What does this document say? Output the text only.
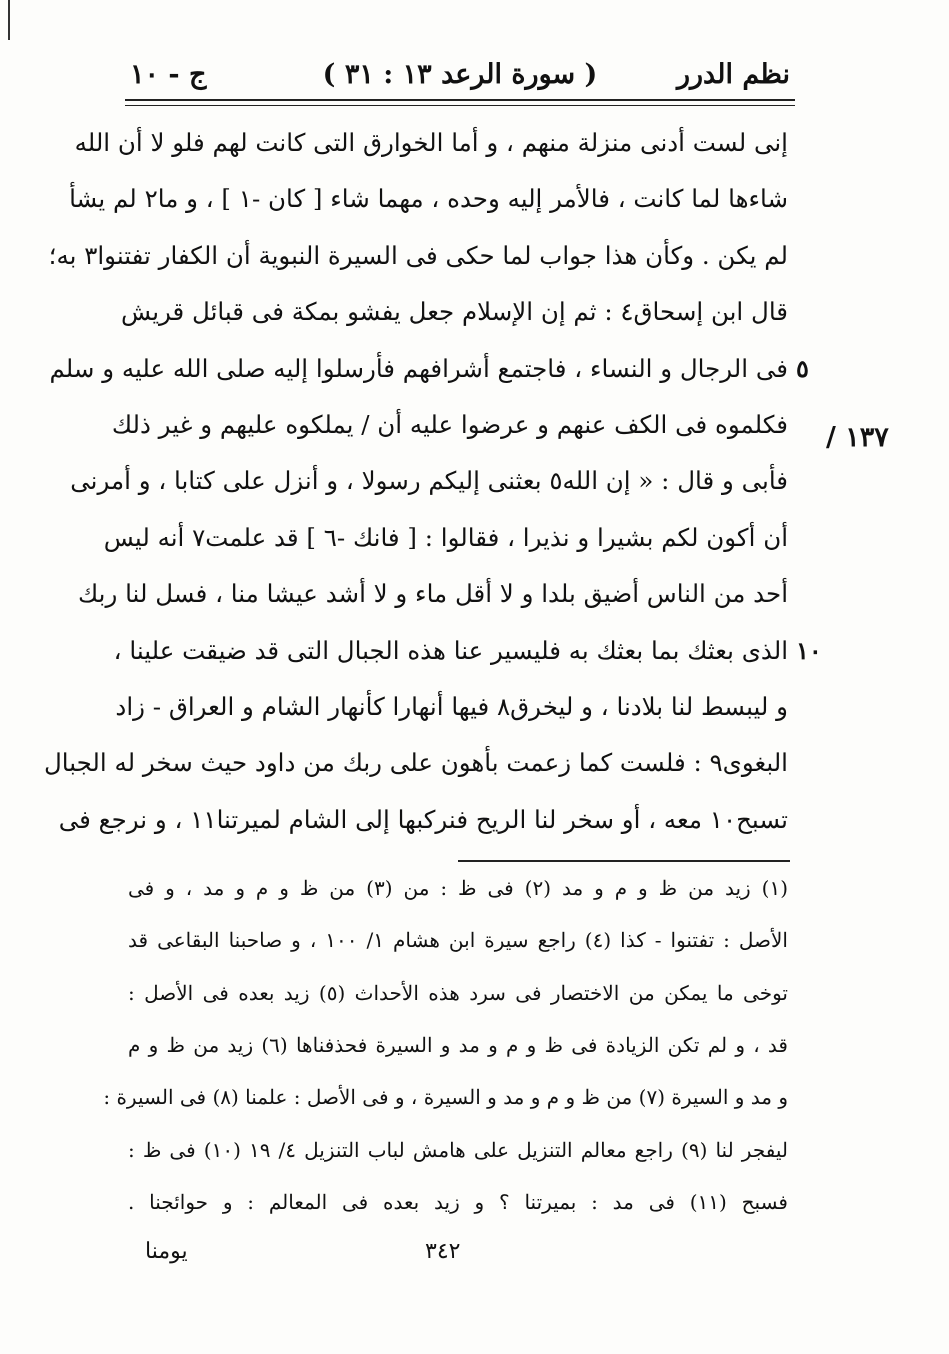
نظم الدرر
( سورة الرعد ١٣ : ٣١ )
ج - ١٠
١٣٧ /
إنى لست أدنى منزلة منهم ، و أما الخوارق التى كانت لهم فلو لا أن الله
شاءها لما كانت ، فالأمر إليه وحده ، مهما شاء [ كان -١ ] ، و ما٢ لم يشأ
لم يكن . وكأن هذا جواب لما حكى فى السيرة النبوية أن الكفار تفتنوا٣ به؛
قال ابن إسحاق٤ : ثم إن الإسلام جعل يفشو بمكة فى قبائل قريش
فى الرجال و النساء ، فاجتمع أشرافهم فأرسلوا إليه صلى الله عليه و سلم ٥
فكلموه فى الكف عنهم و عرضوا عليه أن / يملكوه عليهم و غير ذلك
فأبى و قال : « إن الله٥ بعثنى إليكم رسولا ، و أنزل على كتابا ، و أمرنى
أن أكون لكم بشيرا و نذيرا ، فقالوا : [ فانك -٦ ] قد علمت٧ أنه ليس
أحد من الناس أضيق بلدا و لا أقل ماء و لا أشد عيشا منا ، فسل لنا ربك
الذى بعثك بما بعثك به فليسير عنا هذه الجبال التى قد ضيقت علينا ، ١٠
و ليبسط لنا بلادنا ، و ليخرق٨ فيها أنهارا كأنهار الشام و العراق - زاد
البغوى٩ : فلست كما زعمت بأهون على ربك من داود حيث سخر له الجبال
تسبح١٠ معه ، أو سخر لنا الريح فنركبها إلى الشام لميرتنا١١ ، و نرجع فى
(١) زيد من ظ و م و مد (٢) فى ظ : من (٣) من ظ و م و مد ، و فى
الأصل : تفتنوا - كذا (٤) راجع سيرة ابن هشام ١/ ١٠٠ ، و صاحبنا البقاعى قد
توخى ما يمكن من الاختصار فى سرد هذه الأحداث (٥) زيد بعده فى الأصل :
قد ، و لم تكن الزيادة فى ظ و م و مد و السيرة فحذفناها (٦) زيد من ظ و م
و مد و السيرة (٧) من ظ و م و مد و السيرة ، و فى الأصل : علمنا (٨) فى السيرة :
ليفجر لنا (٩) راجع معالم التنزيل على هامش لباب التنزيل ٤/ ١٩ (١٠) فى ظ :
فسبح (١١) فى مد : بميرتنا ؟ و زيد بعده فى المعالم : و حوائجنا .
يومنا	٣٤٢
